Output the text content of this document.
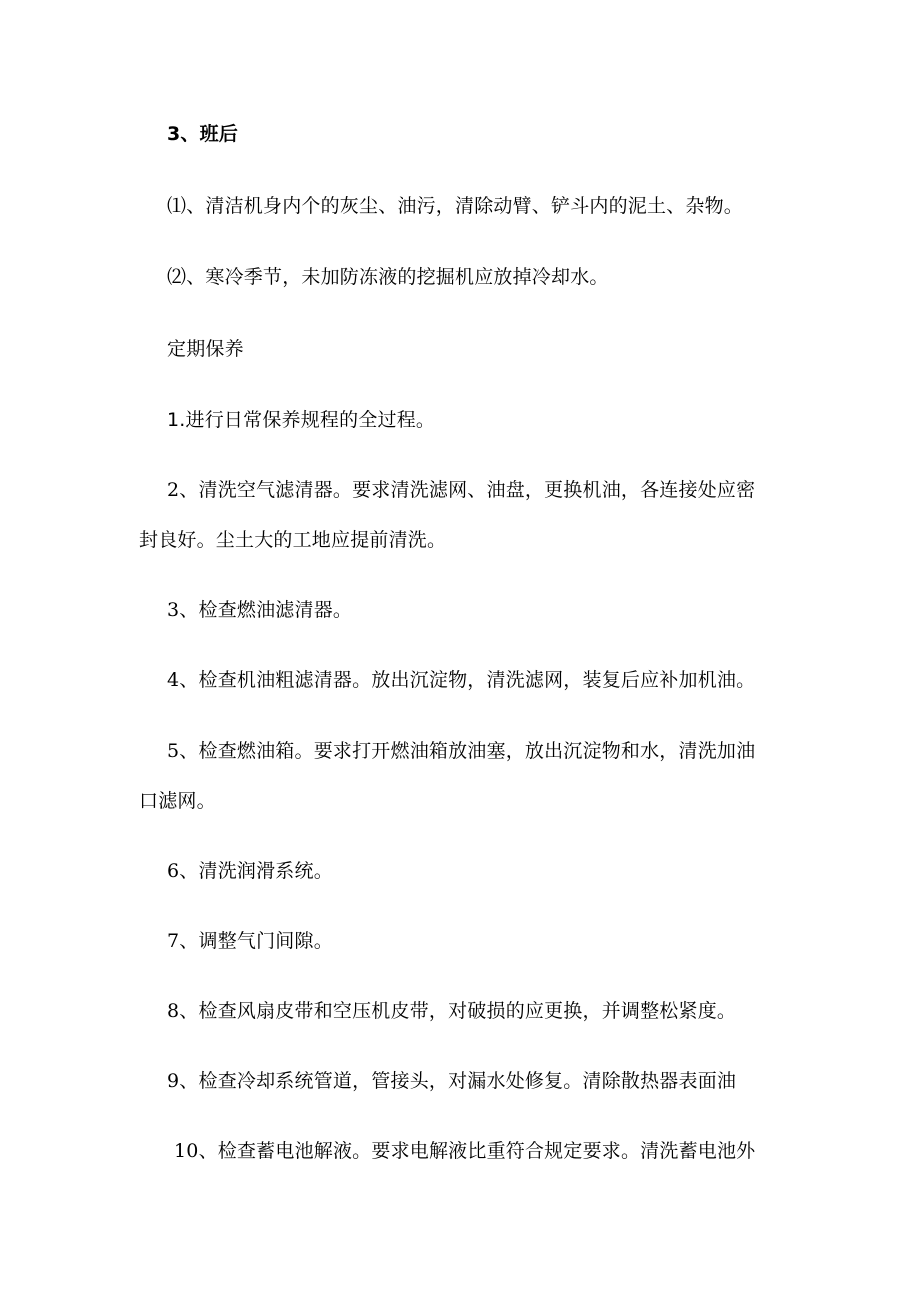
3、班后
⑴、清洁机身内个的灰尘、油污，清除动臂、铲斗内的泥土、杂物。
⑵、寒冷季节，未加防冻液的挖掘机应放掉冷却水。
定期保养
1.进行日常保养规程的全过程。
2、清洗空气滤清器。要求清洗滤网、油盘，更换机油，各连接处应密
封良好。尘土大的工地应提前清洗。
3、检查燃油滤清器。
4、检查机油粗滤清器。放出沉淀物，清洗滤网，装复后应补加机油。
5、检查燃油箱。要求打开燃油箱放油塞，放出沉淀物和水，清洗加油
口滤网。
6、清洗润滑系统。
7、调整气门间隙。
8、检查风扇皮带和空压机皮带，对破损的应更换，并调整松紧度。
9、检查冷却系统管道，管接头，对漏水处修复。清除散热器表面油
10、检查蓄电池解液。要求电解液比重符合规定要求。清洗蓄电池外
